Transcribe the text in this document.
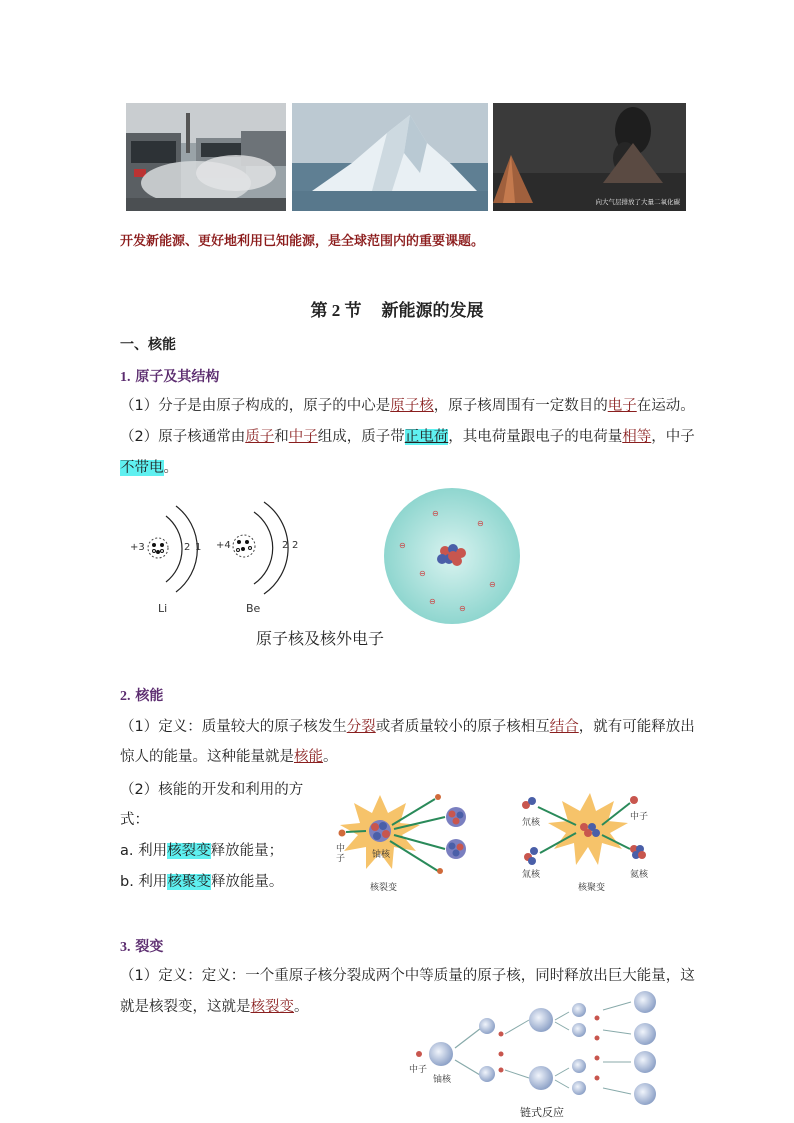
向大气层排放了大量二氧化碳
开发新能源、更好地利用已知能源，是全球范围内的重要课题。
第 2 节 新能源的发展
一、核能
1. 原子及其结构
（1）分子是由原子构成的，原子的中心是原子核，原子核周围有一定数目的电子在运动。
（2）原子核通常由质子和中子组成，质子带正电荷，其电荷量跟电子的电荷量相等，中子
不带电。
+3	2 1
Li
+4	2 2
Be
原子核及核外电子
⊖
⊖
⊖
⊖
⊖
⊖
⊖
2. 核能
（1）定义：质量较大的原子核发生分裂或者质量较小的原子核相互结合，就有可能释放出
惊人的能量。这种能量就是核能。
（2）核能的开发和利用的方
式：
a. 利用核裂变释放能量；
b. 利用核聚变释放能量。
中
子	铀核
核裂变
氘核
中子
氚核	氦核
核聚变
3. 裂变
（1）定义：定义：一个重原子核分裂成两个中等质量的原子核，同时释放出巨大能量，这
就是核裂变，这就是核裂变。
中子
铀核
链式反应
